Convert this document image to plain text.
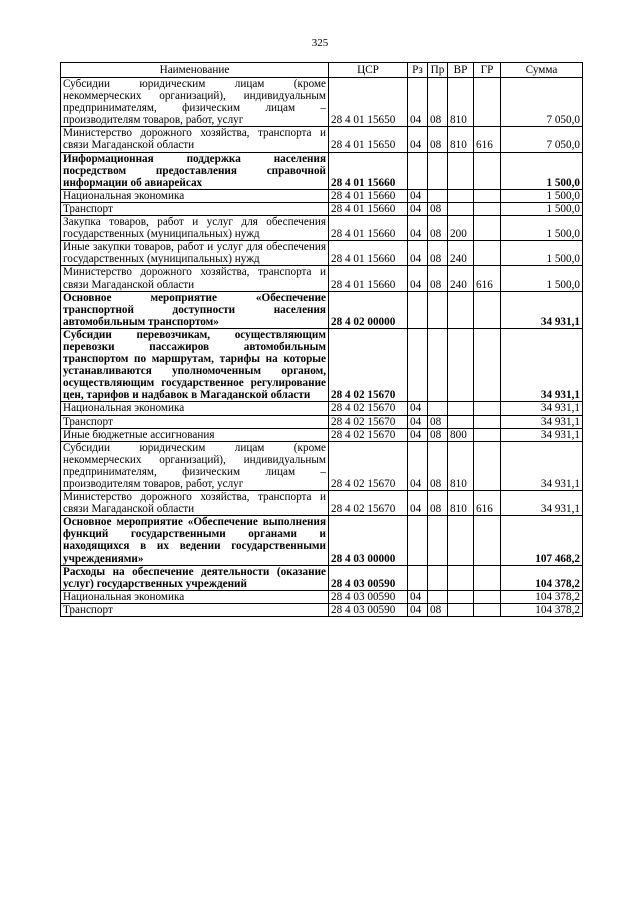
325
Наименование	ЦСР	Рз	Пр	ВР	ГР	Сумма
Субсидии юридическим лицам (кроме некоммерческих организаций), индивидуальным предпринимателям, физическим лицам – производителям товаров, работ, услуг	28 4 01 15650	04	08	810		7 050,0
Министерство дорожного хозяйства, транспорта и связи Магаданской области	28 4 01 15650	04	08	810	616	7 050,0
Информационная поддержка населения посредством предоставления справочной информации об авиарейсах	28 4 01 15660					1 500,0
Национальная экономика	28 4 01 15660	04				1 500,0
Транспорт	28 4 01 15660	04	08			1 500,0
Закупка товаров, работ и услуг для обеспечения государственных (муниципальных) нужд	28 4 01 15660	04	08	200		1 500,0
Иные закупки товаров, работ и услуг для обеспечения государственных (муниципальных) нужд	28 4 01 15660	04	08	240		1 500,0
Министерство дорожного хозяйства, транспорта и связи Магаданской области	28 4 01 15660	04	08	240	616	1 500,0
Основное мероприятие «Обеспечение транспортной доступности населения автомобильным транспортом»	28 4 02 00000					34 931,1
Субсидии перевозчикам, осуществляющим перевозки пассажиров автомобильным транспортом по маршрутам, тарифы на которые устанавливаются уполномоченным органом, осуществляющим государственное регулирование цен, тарифов и надбавок в Магаданской области	28 4 02 15670					34 931,1
Национальная экономика	28 4 02 15670	04				34 931,1
Транспорт	28 4 02 15670	04	08			34 931,1
Иные бюджетные ассигнования	28 4 02 15670	04	08	800		34 931,1
Субсидии юридическим лицам (кроме некоммерческих организаций), индивидуальным предпринимателям, физическим лицам – производителям товаров, работ, услуг	28 4 02 15670	04	08	810		34 931,1
Министерство дорожного хозяйства, транспорта и связи Магаданской области	28 4 02 15670	04	08	810	616	34 931,1
Основное мероприятие «Обеспечение выполнения функций государственными органами и находящихся в их ведении государственными учреждениями»	28 4 03 00000					107 468,2
Расходы на обеспечение деятельности (оказание услуг) государственных учреждений	28 4 03 00590					104 378,2
Национальная экономика	28 4 03 00590	04				104 378,2
Транспорт	28 4 03 00590	04	08			104 378,2
